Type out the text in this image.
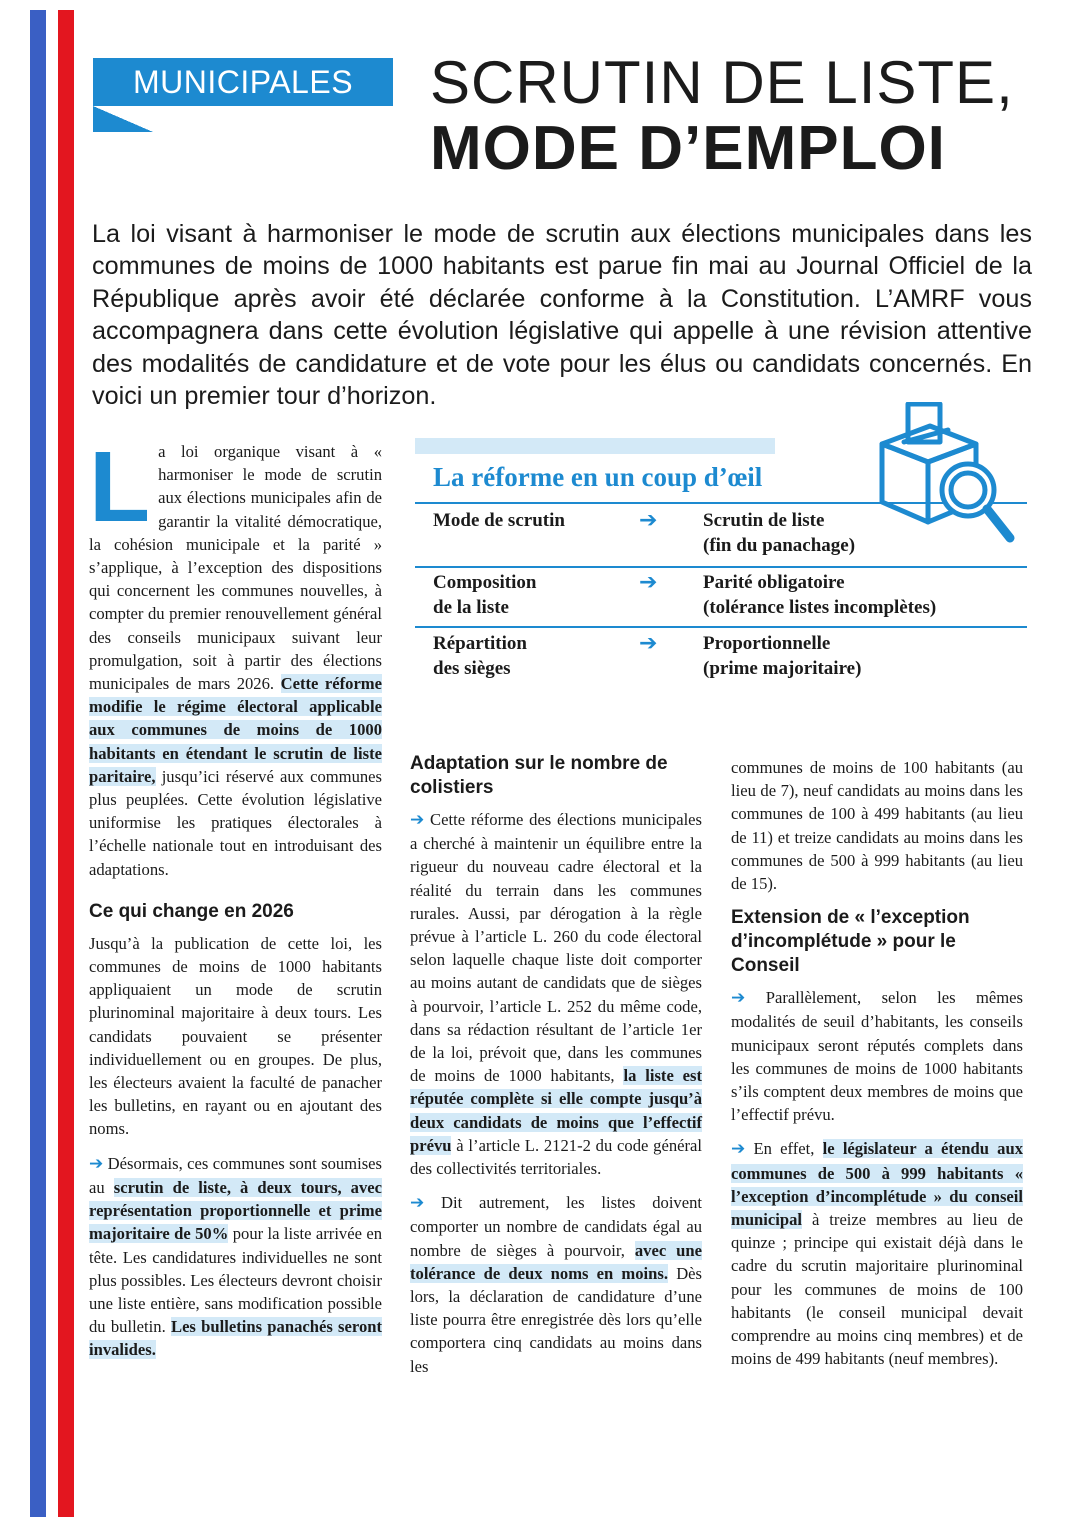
MUNICIPALES 2026
SCRUTIN DE LISTE,
MODE D’EMPLOI
La loi visant à harmoniser le mode de scrutin aux élections municipales dans les communes de moins de 1000 habitants est parue fin mai au Journal Officiel de la République après avoir été déclarée conforme à la Constitution. L’AMRF vous accompagnera dans cette évolution législative qui appelle à une révision attentive des modalités de candidature et de vote pour les élus ou candidats concernés. En voici un premier tour d’horizon.

La loi organique visant à « harmoniser le mode de scrutin aux élections municipales afin de garantir la vitalité démocratique, la cohésion municipale et la parité » s’applique, à l’exception des dispositions qui concernent les communes nouvelles, à compter du premier renouvellement général des conseils municipaux suivant leur promulgation, soit à partir des élections municipales de mars 2026. Cette réforme modifie le régime électoral applicable aux communes de moins de 1000 habitants en étendant le scrutin de liste paritaire, jusqu’ici réservé aux communes plus peuplées. Cette évolution législative uniformise les pratiques électorales à l’échelle nationale tout en introduisant des adaptations.

Ce qui change en 2026

Jusqu’à la publication de cette loi, les communes de moins de 1000 habitants appliquaient un mode de scrutin plurinominal majoritaire à deux tours. Les candidats pouvaient se présenter individuellement ou en groupes. De plus, les électeurs avaient la faculté de panacher les bulletins, en rayant ou en ajoutant des noms.

➔ Désormais, ces communes sont soumises au scrutin de liste, à deux tours, avec représentation proportionnelle et prime majoritaire de 50% pour la liste arrivée en tête. Les candidatures individuelles ne sont plus possibles. Les électeurs devront choisir une liste entière, sans modification possible du bulletin. Les bulletins panachés seront invalides.

La réforme en un coup d’œil
Mode de scrutin	➔ Scrutin de liste
(fin du panachage)
Composition
de la liste
➔ Parité obligatoire
(tolérance listes incomplètes)
Répartition
des sièges
➔ Proportionnelle
(prime majoritaire)
Adaptation sur le nombre de colistiers

➔ Cette réforme des élections municipales a cherché à maintenir un équilibre entre la rigueur du nouveau cadre électoral et la réalité du terrain dans les communes rurales. Aussi, par dérogation à la règle prévue à l’article L. 260 du code électoral selon laquelle chaque liste doit comporter au moins autant de candidats que de sièges à pourvoir, l’article L. 252 du même code, dans sa rédaction résultant de l’article 1er de la loi, prévoit que, dans les communes de moins de 1000 habitants, la liste est réputée complète si elle compte jusqu’à deux candidats de moins que l’effectif prévu à l’article L. 2121-2 du code général des collectivités territoriales.

➔ Dit autrement, les listes doivent comporter un nombre de candidats égal au nombre de sièges à pourvoir, avec une tolérance de deux noms en moins. Dès lors, la déclaration de candidature d’une liste pourra être enregistrée dès lors qu’elle comportera cinq candidats au moins dans les

communes de moins de 100 habitants (au lieu de 7), neuf candidats au moins dans les communes de 100 à 499 habitants (au lieu de 11) et treize candidats au moins dans les communes de 500 à 999 habitants (au lieu de 15).

Extension de « l’exception d’incomplétude » pour le Conseil

➔ Parallèlement, selon les mêmes modalités de seuil d’habitants, les conseils municipaux seront réputés complets dans les communes de moins de 1000 habitants s’ils comptent deux membres de moins que l’effectif prévu.

➔ En effet, le législateur a étendu aux communes de 500 à 999 habitants « l’exception d’incomplétude » du conseil municipal à treize membres au lieu de quinze ; principe qui existait déjà dans le cadre du scrutin majoritaire plurinominal pour les communes de moins de 100 habitants (le conseil municipal devait comprendre au moins cinq membres) et de moins de 499 habitants (neuf membres).
